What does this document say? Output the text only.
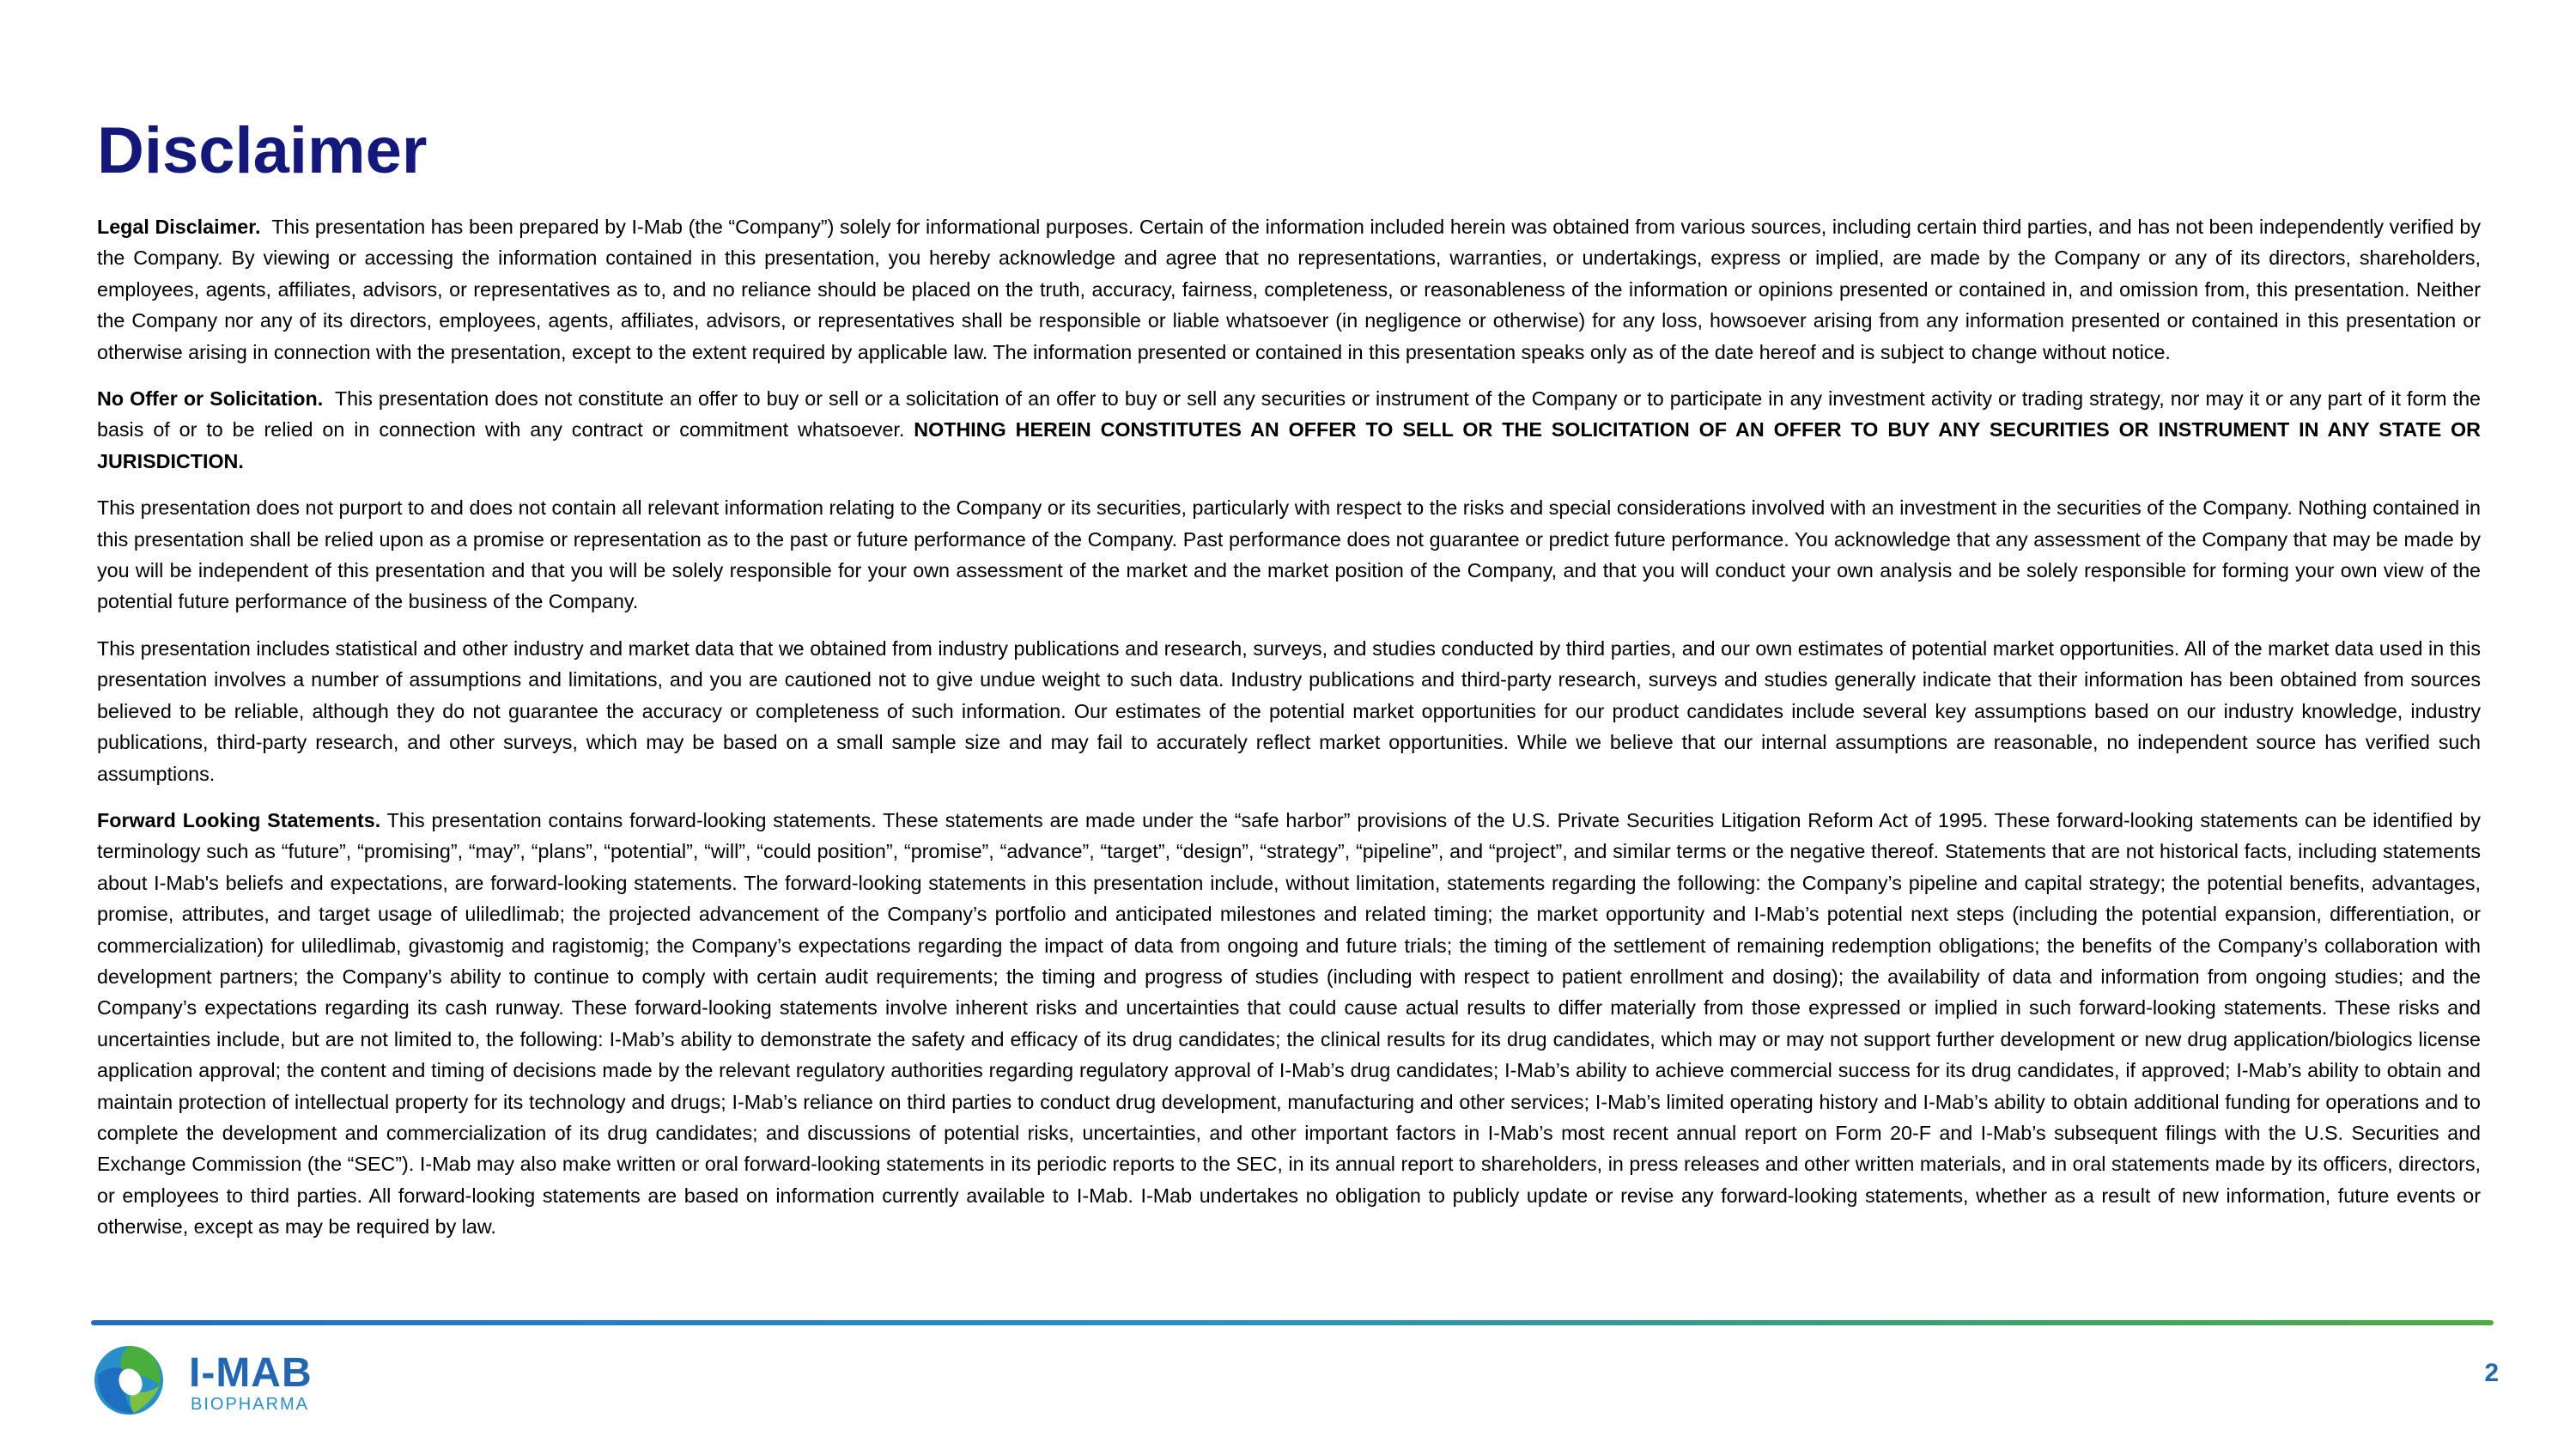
Disclaimer

Legal Disclaimer. This presentation has been prepared by I-Mab (the “Company”) solely for informational purposes. Certain of the information included herein was obtained from various sources, including certain third parties, and has not been independently verified by the Company. By viewing or accessing the information contained in this presentation, you hereby acknowledge and agree that no representations, warranties, or undertakings, express or implied, are made by the Company or any of its directors, shareholders, employees, agents, affiliates, advisors, or representatives as to, and no reliance should be placed on the truth, accuracy, fairness, completeness, or reasonableness of the information or opinions presented or contained in, and omission from, this presentation. Neither the Company nor any of its directors, employees, agents, affiliates, advisors, or representatives shall be responsible or liable whatsoever (in negligence or otherwise) for any loss, howsoever arising from any information presented or contained in this presentation or otherwise arising in connection with the presentation, except to the extent required by applicable law. The information presented or contained in this presentation speaks only as of the date hereof and is subject to change without notice.

No Offer or Solicitation. This presentation does not constitute an offer to buy or sell or a solicitation of an offer to buy or sell any securities or instrument of the Company or to participate in any investment activity or trading strategy, nor may it or any part of it form the basis of or to be relied on in connection with any contract or commitment whatsoever. NOTHING HEREIN CONSTITUTES AN OFFER TO SELL OR THE SOLICITATION OF AN OFFER TO BUY ANY SECURITIES OR INSTRUMENT IN ANY STATE OR JURISDICTION.

This presentation does not purport to and does not contain all relevant information relating to the Company or its securities, particularly with respect to the risks and special considerations involved with an investment in the securities of the Company. Nothing contained in this presentation shall be relied upon as a promise or representation as to the past or future performance of the Company. Past performance does not guarantee or predict future performance. You acknowledge that any assessment of the Company that may be made by you will be independent of this presentation and that you will be solely responsible for your own assessment of the market and the market position of the Company, and that you will conduct your own analysis and be solely responsible for forming your own view of the potential future performance of the business of the Company.

This presentation includes statistical and other industry and market data that we obtained from industry publications and research, surveys, and studies conducted by third parties, and our own estimates of potential market opportunities. All of the market data used in this presentation involves a number of assumptions and limitations, and you are cautioned not to give undue weight to such data. Industry publications and third-party research, surveys and studies generally indicate that their information has been obtained from sources believed to be reliable, although they do not guarantee the accuracy or completeness of such information. Our estimates of the potential market opportunities for our product candidates include several key assumptions based on our industry knowledge, industry publications, third-party research, and other surveys, which may be based on a small sample size and may fail to accurately reflect market opportunities. While we believe that our internal assumptions are reasonable, no independent source has verified such assumptions.

Forward Looking Statements. This presentation contains forward-looking statements. These statements are made under the “safe harbor” provisions of the U.S. Private Securities Litigation Reform Act of 1995. These forward-looking statements can be identified by terminology such as “future”, “promising”, “may”, “plans”, “potential”, “will”, “could position”, “promise”, “advance”, “target”, “design”, “strategy”, “pipeline”, and “project”, and similar terms or the negative thereof. Statements that are not historical facts, including statements about I-Mab's beliefs and expectations, are forward-looking statements. The forward-looking statements in this presentation include, without limitation, statements regarding the following: the Company’s pipeline and capital strategy; the potential benefits, advantages, promise, attributes, and target usage of uliledlimab; the projected advancement of the Company’s portfolio and anticipated milestones and related timing; the market opportunity and I-Mab’s potential next steps (including the potential expansion, differentiation, or commercialization) for uliledlimab, givastomig and ragistomig; the Company’s expectations regarding the impact of data from ongoing and future trials; the timing of the settlement of remaining redemption obligations; the benefits of the Company’s collaboration with development partners; the Company’s ability to continue to comply with certain audit requirements; the timing and progress of studies (including with respect to patient enrollment and dosing); the availability of data and information from ongoing studies; and the Company’s expectations regarding its cash runway. These forward-looking statements involve inherent risks and uncertainties that could cause actual results to differ materially from those expressed or implied in such forward-looking statements. These risks and uncertainties include, but are not limited to, the following: I-Mab’s ability to demonstrate the safety and efficacy of its drug candidates; the clinical results for its drug candidates, which may or may not support further development or new drug application/biologics license application approval; the content and timing of decisions made by the relevant regulatory authorities regarding regulatory approval of I-Mab’s drug candidates; I-Mab’s ability to achieve commercial success for its drug candidates, if approved; I-Mab’s ability to obtain and maintain protection of intellectual property for its technology and drugs; I-Mab’s reliance on third parties to conduct drug development, manufacturing and other services; I-Mab’s limited operating history and I-Mab’s ability to obtain additional funding for operations and to complete the development and commercialization of its drug candidates; and discussions of potential risks, uncertainties, and other important factors in I-Mab’s most recent annual report on Form 20-F and I-Mab’s subsequent filings with the U.S. Securities and Exchange Commission (the “SEC”). I-Mab may also make written or oral forward-looking statements in its periodic reports to the SEC, in its annual report to shareholders, in press releases and other written materials, and in oral statements made by its officers, directors, or employees to third parties. All forward-looking statements are based on information currently available to I-Mab. I-Mab undertakes no obligation to publicly update or revise any forward-looking statements, whether as a result of new information, future events or otherwise, except as may be required by law.

I-MAB
BIOPHARMA
2
